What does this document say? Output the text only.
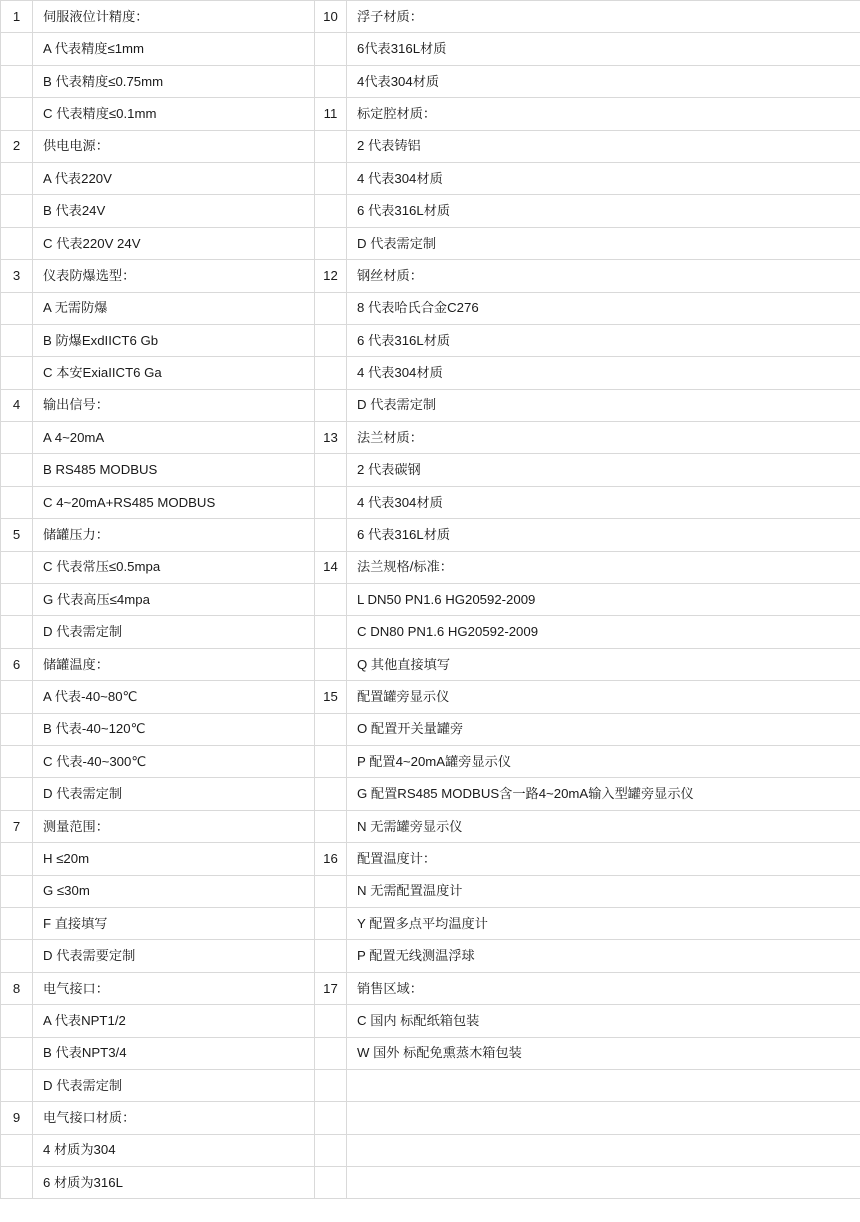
1	伺服液位计精度：	10	浮子材质：
	A 代表精度≤1mm		6代表316L材质
	B 代表精度≤0.75mm		4代表304材质
	C 代表精度≤0.1mm	11	标定腔材质：
2	供电电源：		2 代表铸铝
	A 代表220V		4 代表304材质
	B 代表24V		6 代表316L材质
	C 代表220V 24V		D 代表需定制
3	仪表防爆选型：	12	钢丝材质：
	A 无需防爆		8 代表哈氏合金C276
	B 防爆ExdIICT6 Gb		6 代表316L材质
	C 本安ExiaIICT6 Ga		4 代表304材质
4	输出信号：		D 代表需定制
	A 4~20mA	13	法兰材质：
	B RS485 MODBUS		2 代表碳钢
	C 4~20mA+RS485 MODBUS		4 代表304材质
5	储罐压力：		6 代表316L材质
	C 代表常压≤0.5mpa	14	法兰规格/标准：
	G 代表高压≤4mpa		L DN50 PN1.6 HG20592-2009
	D 代表需定制		C DN80 PN1.6 HG20592-2009
6	储罐温度：		Q 其他直接填写
	A 代表-40~80℃	15	配置罐旁显示仪
	B 代表-40~120℃		O 配置开关量罐旁
	C 代表-40~300℃		P 配置4~20mA罐旁显示仪
	D 代表需定制		G 配置RS485 MODBUS含一路4~20mA输入型罐旁显示仪
7	测量范围：		N 无需罐旁显示仪
	H ≤20m	16	配置温度计：
	G ≤30m		N 无需配置温度计
	F 直接填写		Y 配置多点平均温度计
	D 代表需要定制		P 配置无线测温浮球
8	电气接口：	17	销售区域：
	A 代表NPT1/2		C 国内 标配纸箱包装
	B 代表NPT3/4		W 国外 标配免熏蒸木箱包装
	D 代表需定制		
9	电气接口材质：		
	4 材质为304		
	6 材质为316L		
